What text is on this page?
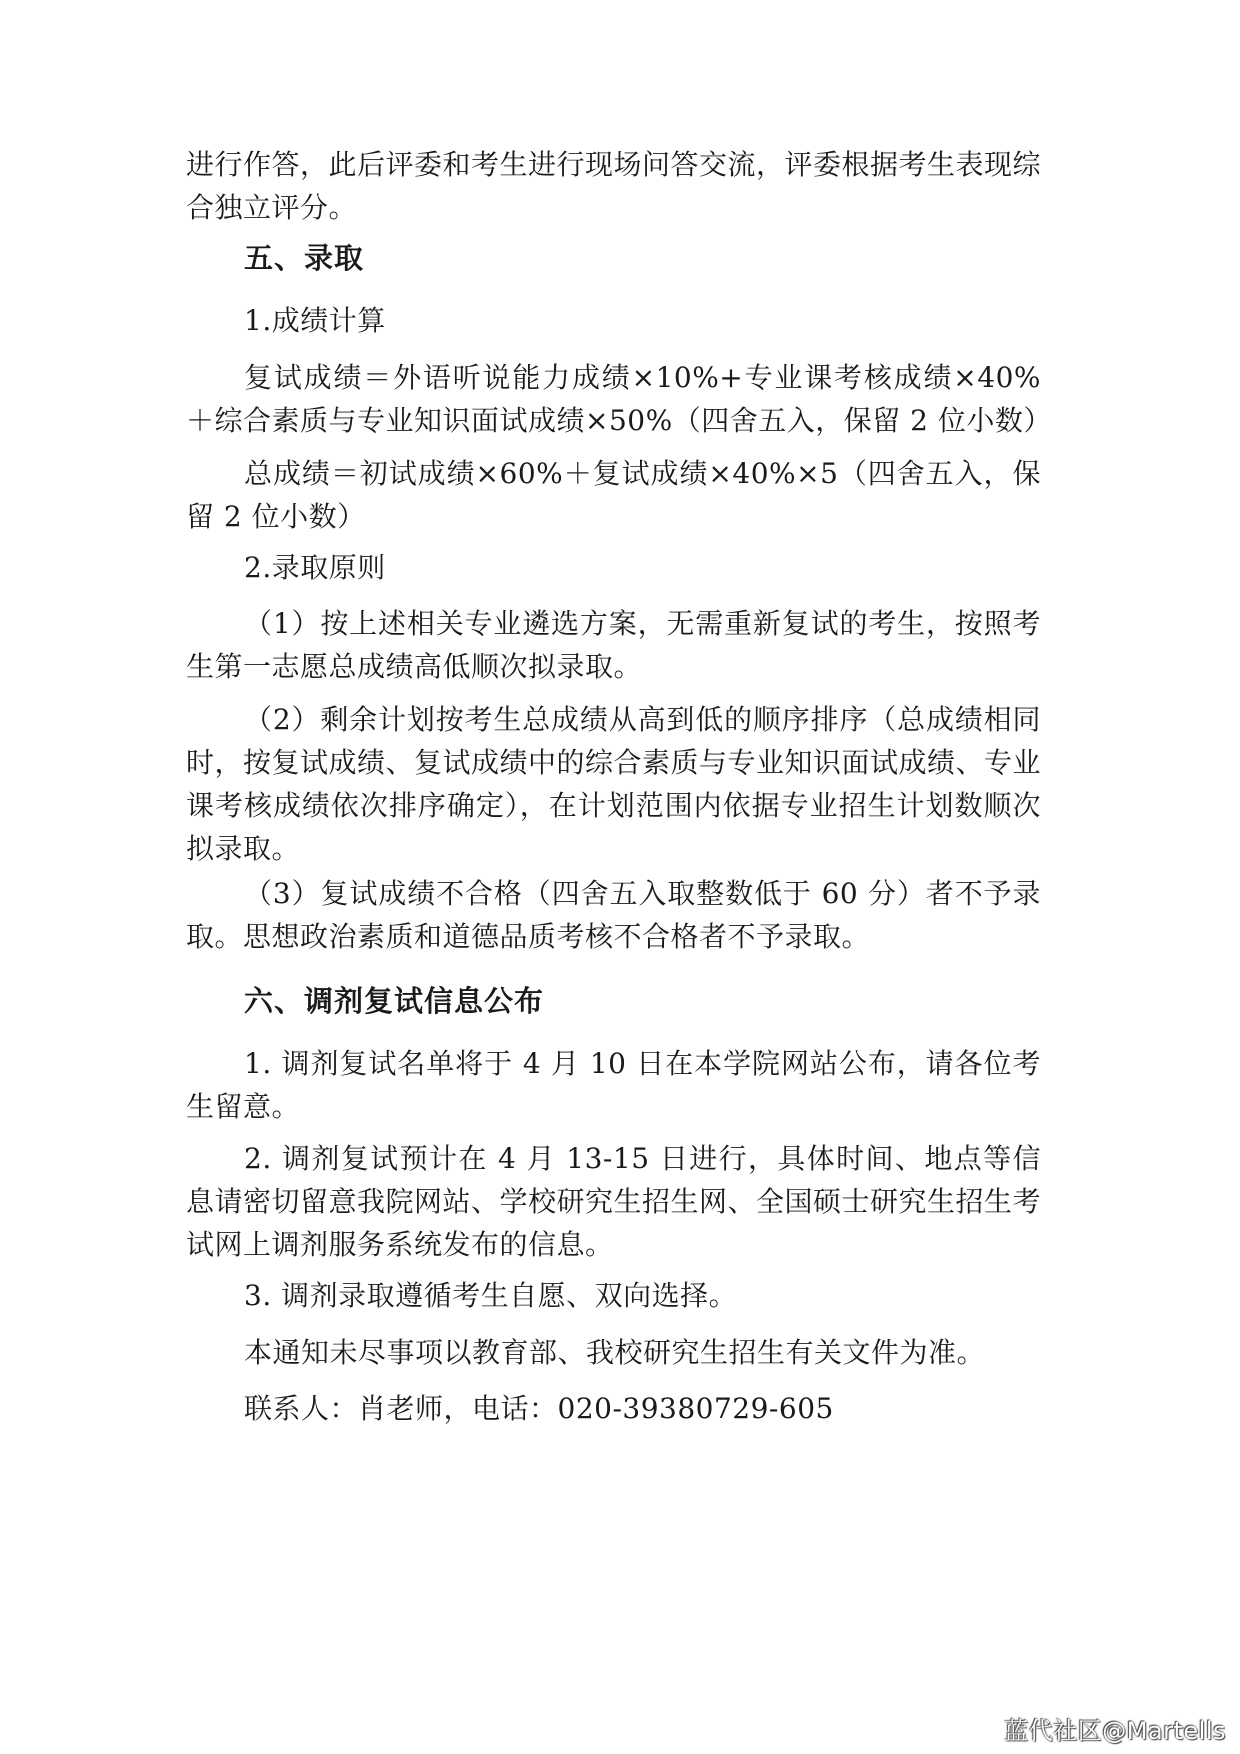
进行作答，此后评委和考生进行现场问答交流，评委根据考生表现综合独立评分。

五、录取

1.成绩计算

复试成绩＝外语听说能力成绩×10%+专业课考核成绩×40%＋综合素质与专业知识面试成绩×50%（四舍五入，保留 2 位小数）

总成绩＝初试成绩×60%＋复试成绩×40%×5（四舍五入，保留 2 位小数）

2.录取原则

（1）按上述相关专业遴选方案，无需重新复试的考生，按照考生第一志愿总成绩高低顺次拟录取。

（2）剩余计划按考生总成绩从高到低的顺序排序（总成绩相同时，按复试成绩、复试成绩中的综合素质与专业知识面试成绩、专业课考核成绩依次排序确定），在计划范围内依据专业招生计划数顺次拟录取。

（3）复试成绩不合格（四舍五入取整数低于 60 分）者不予录取。思想政治素质和道德品质考核不合格者不予录取。

六、调剂复试信息公布

1. 调剂复试名单将于 4 月 10 日在本学院网站公布，请各位考生留意。

2. 调剂复试预计在 4 月 13-15 日进行，具体时间、地点等信息请密切留意我院网站、学校研究生招生网、全国硕士研究生招生考试网上调剂服务系统发布的信息。

3. 调剂录取遵循考生自愿、双向选择。

本通知未尽事项以教育部、我校研究生招生有关文件为准。

联系人：肖老师，电话：020-39380729-605

蓝代社区@Martells
